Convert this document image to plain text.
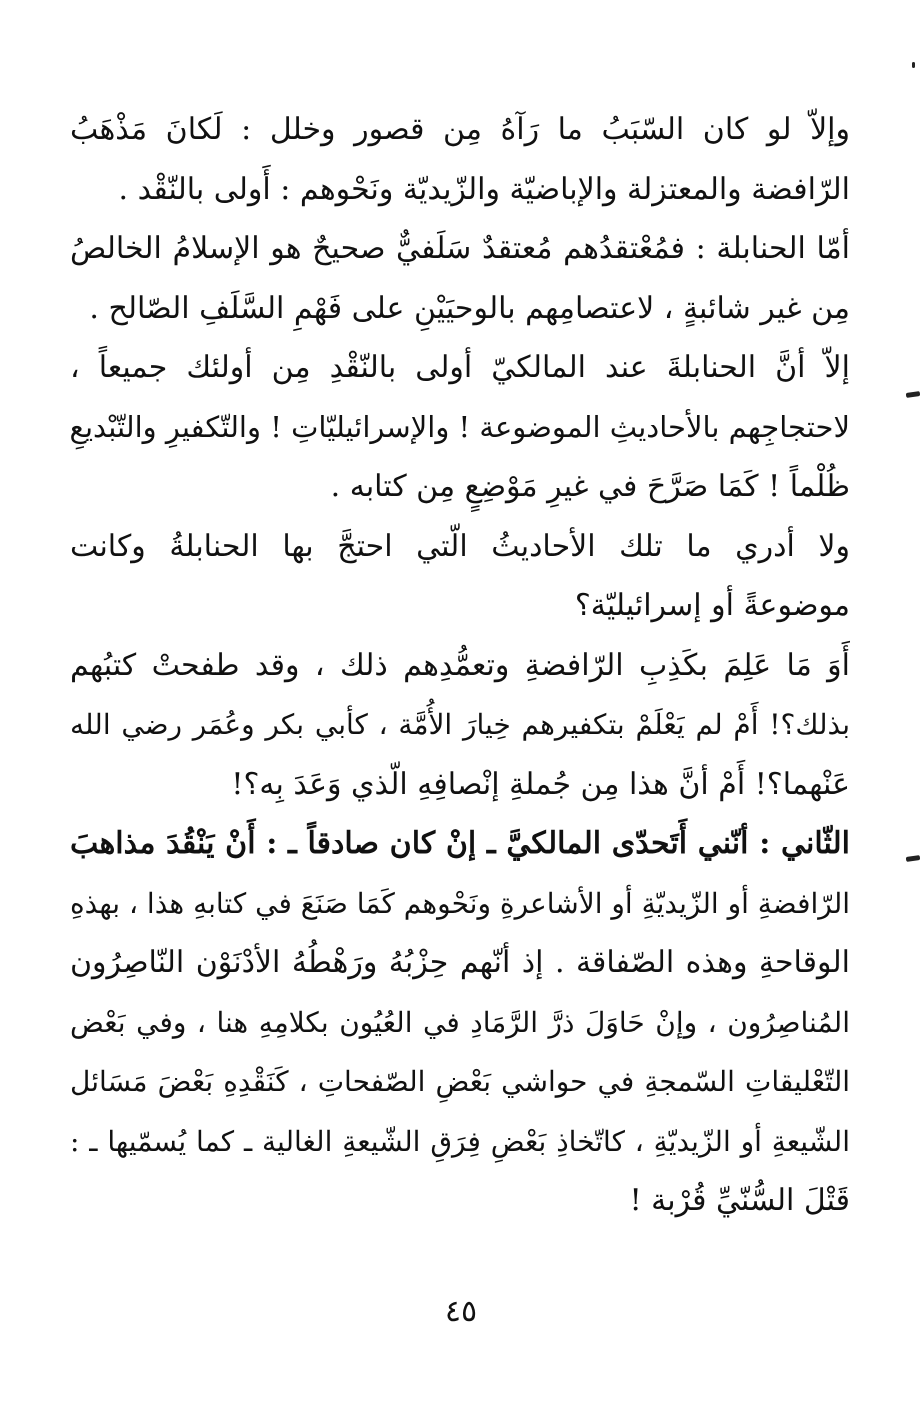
وإلاّ لو كان السّبَبُ ما رَآهُ مِن قصور وخلل : لَكانَ مَذْهَبُ
الرّافضة والمعتزلة والإباضيّة والزّيديّة ونَحْوهم : أَولى بالنّقْد .
أمّا الحنابلة : فمُعْتقدُهم مُعتقدٌ سَلَفيٌّ صحيحٌ هو الإسلامُ الخالصُ
مِن غير شائبةٍ ، لاعتصامِهم بالوحيَيْنِ على فَهْمِ السَّلَفِ الصّالح .
إلاّ أنَّ الحنابلةَ عند المالكيّ أولى بالنّقْدِ مِن أولئك جميعاً ،
لاحتجاجِهم بالأحاديثِ الموضوعة ! والإسرائيليّاتِ ! والتّكفيرِ والتّبْديعِ
ظُلْماً ! كَمَا صَرَّحَ في غيرِ مَوْضِعٍ مِن كتابه .
ولا أدري ما تلك الأحاديثُ الّتي احتجَّ بها الحنابلةُ وكانت
موضوعةً أو إسرائيليّة؟
أَوَ مَا عَلِمَ بكَذِبِ الرّافضةِ وتعمُّدِهم ذلك ، وقد طفحتْ كتبُهم
بذلك؟! أَمْ لم يَعْلَمْ بتكفيرهم خِيارَ الأُمَّة ، كأبي بكر وعُمَر رضي الله
عَنْهما؟! أَمْ أنَّ هذا مِن جُملةِ إنْصافِهِ الّذي وَعَدَ بِه؟!
الثّاني : أنّني أَتَحدّى المالكيَّ ـ إنْ كان صادقاً ـ : أَنْ يَنْقُدَ مذاهبَ
الرّافضةِ أو الزّيديّةِ أو الأشاعرةِ ونَحْوهم كَمَا صَنَعَ في كتابهِ هذا ، بهذهِ
الوقاحةِ وهذه الصّفاقة . إذ أنّهم حِزْبُهُ ورَهْطُهُ الأدْنَوْن النّاصِرُون
المُناصِرُون ، وإنْ حَاوَلَ ذرَّ الرَّمَادِ في العُيُون بكلامِهِ هنا ، وفي بَعْض
التّعْليقاتِ السّمجةِ في حواشي بَعْضِ الصّفحاتِ ، كَنَقْدِهِ بَعْضَ مَسَائل
الشّيعةِ أو الزّيديّةِ ، كاتّخاذِ بَعْضِ فِرَقِ الشّيعةِ الغالية ـ كما يُسمّيها ـ :
قَتْلَ السُّنّيِّ قُرْبة !
٤٥
